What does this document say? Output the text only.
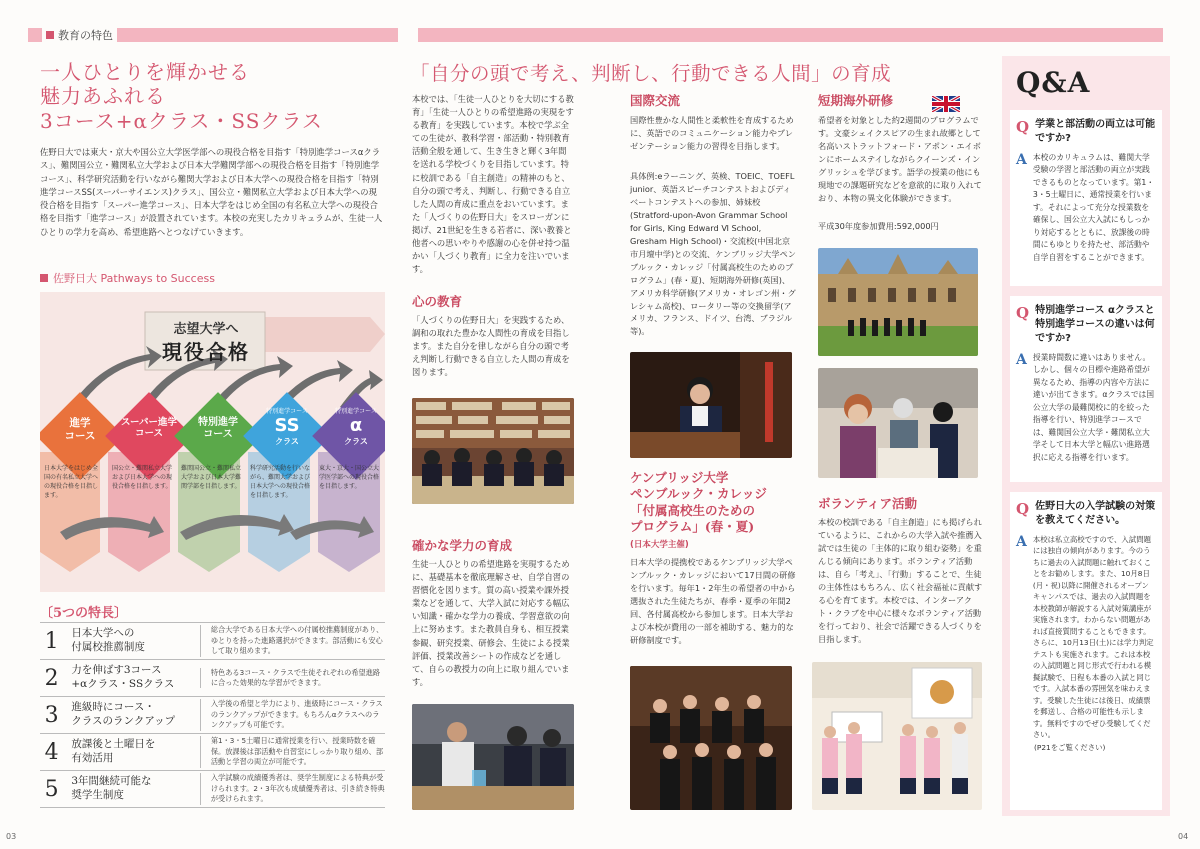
教育の特色
一人ひとりを輝かせる
魅力あふれる
3コース+αクラス・SSクラス
佐野日大では東大・京大や国公立大学医学部への現役合格を目指す「特別進学コースαクラス」、難関国公立・難関私立大学および日本大学難関学部への現役合格を目指す「特別進学コース」、科学研究活動を行いながら難関大学および日本大学への現役合格を目指す「特別進学コースSS(スーパーサイエンス)クラス」、国公立・難関私立大学および日本大学への現役合格を目指す「スーパー進学コース」、日本大学をはじめ全国の有名私立大学への現役合格を目指す「進学コース」が設置されています。本校の充実したカリキュラムが、生徒一人ひとりの学力を高め、希望進路へとつなげていきます。
佐野日大 Pathways to Success
志望大学へ
現役合格
進学
コース
スーパー進学
コース
特別進学
コース
特別進学コース
SS
クラス
特別進学コース
α
クラス
日本大学をはじめ全国の有名私立大学への現役合格を目指します。
国公立・難関私立大学および日本大学への現役合格を目指します。
難関国公立・難関私立大学および日本大学難関学部を目指します。
科学研究活動を行いながら、難関大学および日本大学への現役合格を目指します。
東大・京大・国公立大学医学部への現役合格を目指します。
〔5つの特長〕
1	日本大学への
付属校推薦制度
総合大学である日本大学への付属校推薦制度があり、ゆとりを持った進路選択ができます。部活動にも安心して取り組めます。
2	力を伸ばす3コース
+αクラス・SSクラス
特色ある3コース・クラスで生徒それぞれの希望進路に合った効果的な学習ができます。
3	進級時にコース・
クラスのランクアップ
入学後の希望と学力により、進級時にコース・クラスのランクアップができます。もちろんαクラスへのランクアップも可能です。
4	放課後と土曜日を
有効活用
第1・3・5土曜日に通常授業を行い、授業時数を確保。放課後は部活動や自習室にしっかり取り組め、部活動と学習の両立が可能です。
5	3年間継続可能な
奨学生制度
入学試験の成績優秀者は、奨学生制度による特典が受けられます。2・3年次も成績優秀者は、引き続き特典が受けられます。
03
「自分の頭で考え、判断し、行動できる人間」の育成
本校では、「生徒一人ひとりを大切にする教育」「生徒一人ひとりの希望進路の実現をする教育」を実践しています。本校で学ぶ全ての生徒が、教科学習・部活動・特別教育活動全般を通して、生き生きと輝く3年間を送れる学校づくりを目指しています。特に校訓である「自主創造」の精神のもと、自分の頭で考え、判断し、行動できる自立した人間の育成に重点をおいています。また「人づくりの佐野日大」をスローガンに掲げ、21世紀を生きる若者に、深い教養と他者への思いやりや感謝の心を併せ持つ温かい「人づくり教育」に全力を注いでいます。
心の教育
「人づくりの佐野日大」を実践するため、調和の取れた豊かな人間性の育成を目指します。また自分を律しながら自分の頭で考え判断し行動できる自立した人間の育成を図ります。
確かな学力の育成
生徒一人ひとりの希望進路を実現するために、基礎基本を徹底理解させ、自学自習の習慣化を図ります。質の高い授業や課外授業などを通して、大学入試に対応する幅広い知識・確かな学力の養成、学習意欲の向上に努めます。また教員自身も、相互授業参観、研究授業、研修会、生徒による授業評価、授業改善シートの作成などを通して、自らの教授力の向上に取り組んでいます。
国際交流
国際性豊かな人間性と柔軟性を育成するために、英語でのコミュニケーション能力やプレゼンテーション能力の習得を目指します。
具体例:eラーニング、英検、TOEIC、TOEFL junior、英語スピーチコンテストおよびディベートコンテストへの参加、姉妹校(Stratford-upon-Avon Grammar School for Girls, King Edward Ⅵ School, Gresham High School)・交流校(中国北京市月壇中学)との交流、ケンブリッジ大学ペンブルック・カレッジ「付属高校生のためのプログラム」(春・夏)、短期海外研修(英国)、アメリカ科学研修(アメリカ・オレゴン州・グレシャム高校)、ロータリー等の交換留学(アメリカ、フランス、ドイツ、台湾、ブラジル等)。
ケンブリッジ大学
ペンブルック・カレッジ
「付属高校生のための
プログラム」(春・夏)
(日本大学主催)
日本大学の提携校であるケンブリッジ大学ペンブルック・カレッジにおいて17日間の研修を行います。毎年1・2年生の希望者の中から選抜された生徒たちが、春季・夏季の年間2回、各付属高校から参加します。日本大学および本校が費用の一部を補助する、魅力的な研修制度です。
短期海外研修
希望者を対象とした約2週間のプログラムです。文豪シェイクスピアの生まれ故郷として名高いストラットフォード・アポン・エイボンにホームステイしながらクイーンズ・イングリッシュを学びます。語学の授業の他にも現地での課題研究などを意欲的に取り入れており、本物の異文化体験ができます。
平成30年度参加費用:592,000円
ボランティア活動
本校の校訓である「自主創造」にも掲げられているように、これからの大学入試や推薦入試では生徒の「主体的に取り組む姿勢」を重んじる傾向にあります。ボランティア活動は、自ら「考え」、「行動」することで、生徒の主体性はもちろん、広く社会福祉に貢献する心を育てます。本校では、インターアクト・クラブを中心に様々なボランティア活動を行っており、社会で活躍できる人づくりを目指します。
Q&A
Q 学業と部活動の両立は可能ですか?
A 本校のカリキュラムは、難関大学受験の学習と部活動の両立が実践できるものとなっています。第1・3・5土曜日に、通常授業を行います。それによって充分な授業数を確保し、国公立大入試にもしっかり対応するとともに、放課後の時間にもゆとりを持たせ、部活動や自学自習をすることができます。
Q 特別進学コース αクラスと 特別進学コースの違いは何ですか?
A 授業時間数に違いはありません。しかし、個々の目標や進路希望が異なるため、指導の内容や方法に違いが出てきます。αクラスでは国公立大学の最難関校に的を絞った指導を行い、特別進学コースでは、難関国公立大学・難関私立大学そして日本大学と幅広い進路選択に応える指導を行います。
Q 佐野日大の入学試験の対策を教えてください。
A 本校は私立高校ですので、入試問題には独自の傾向があります。今のうちに過去の入試問題に触れておくことをお勧めします。また、10月8日(月・祝)以降に開催されるオープンキャンパスでは、過去の入試問題を本校教師が解説する入試対策講座が実施されます。わからない問題があれば直接質問することもできます。さらに、10月13日(土)には学力判定テストも実施されます。これは本校の入試問題と同じ形式で行われる模擬試験で、日程も本番の入試と同じです。入試本番の雰囲気を味わえます。受験した生徒には後日、成績票を郵送し、合格の可能性も示します。無料ですのでぜひ受験してください。
(P21をご覧ください)
04
